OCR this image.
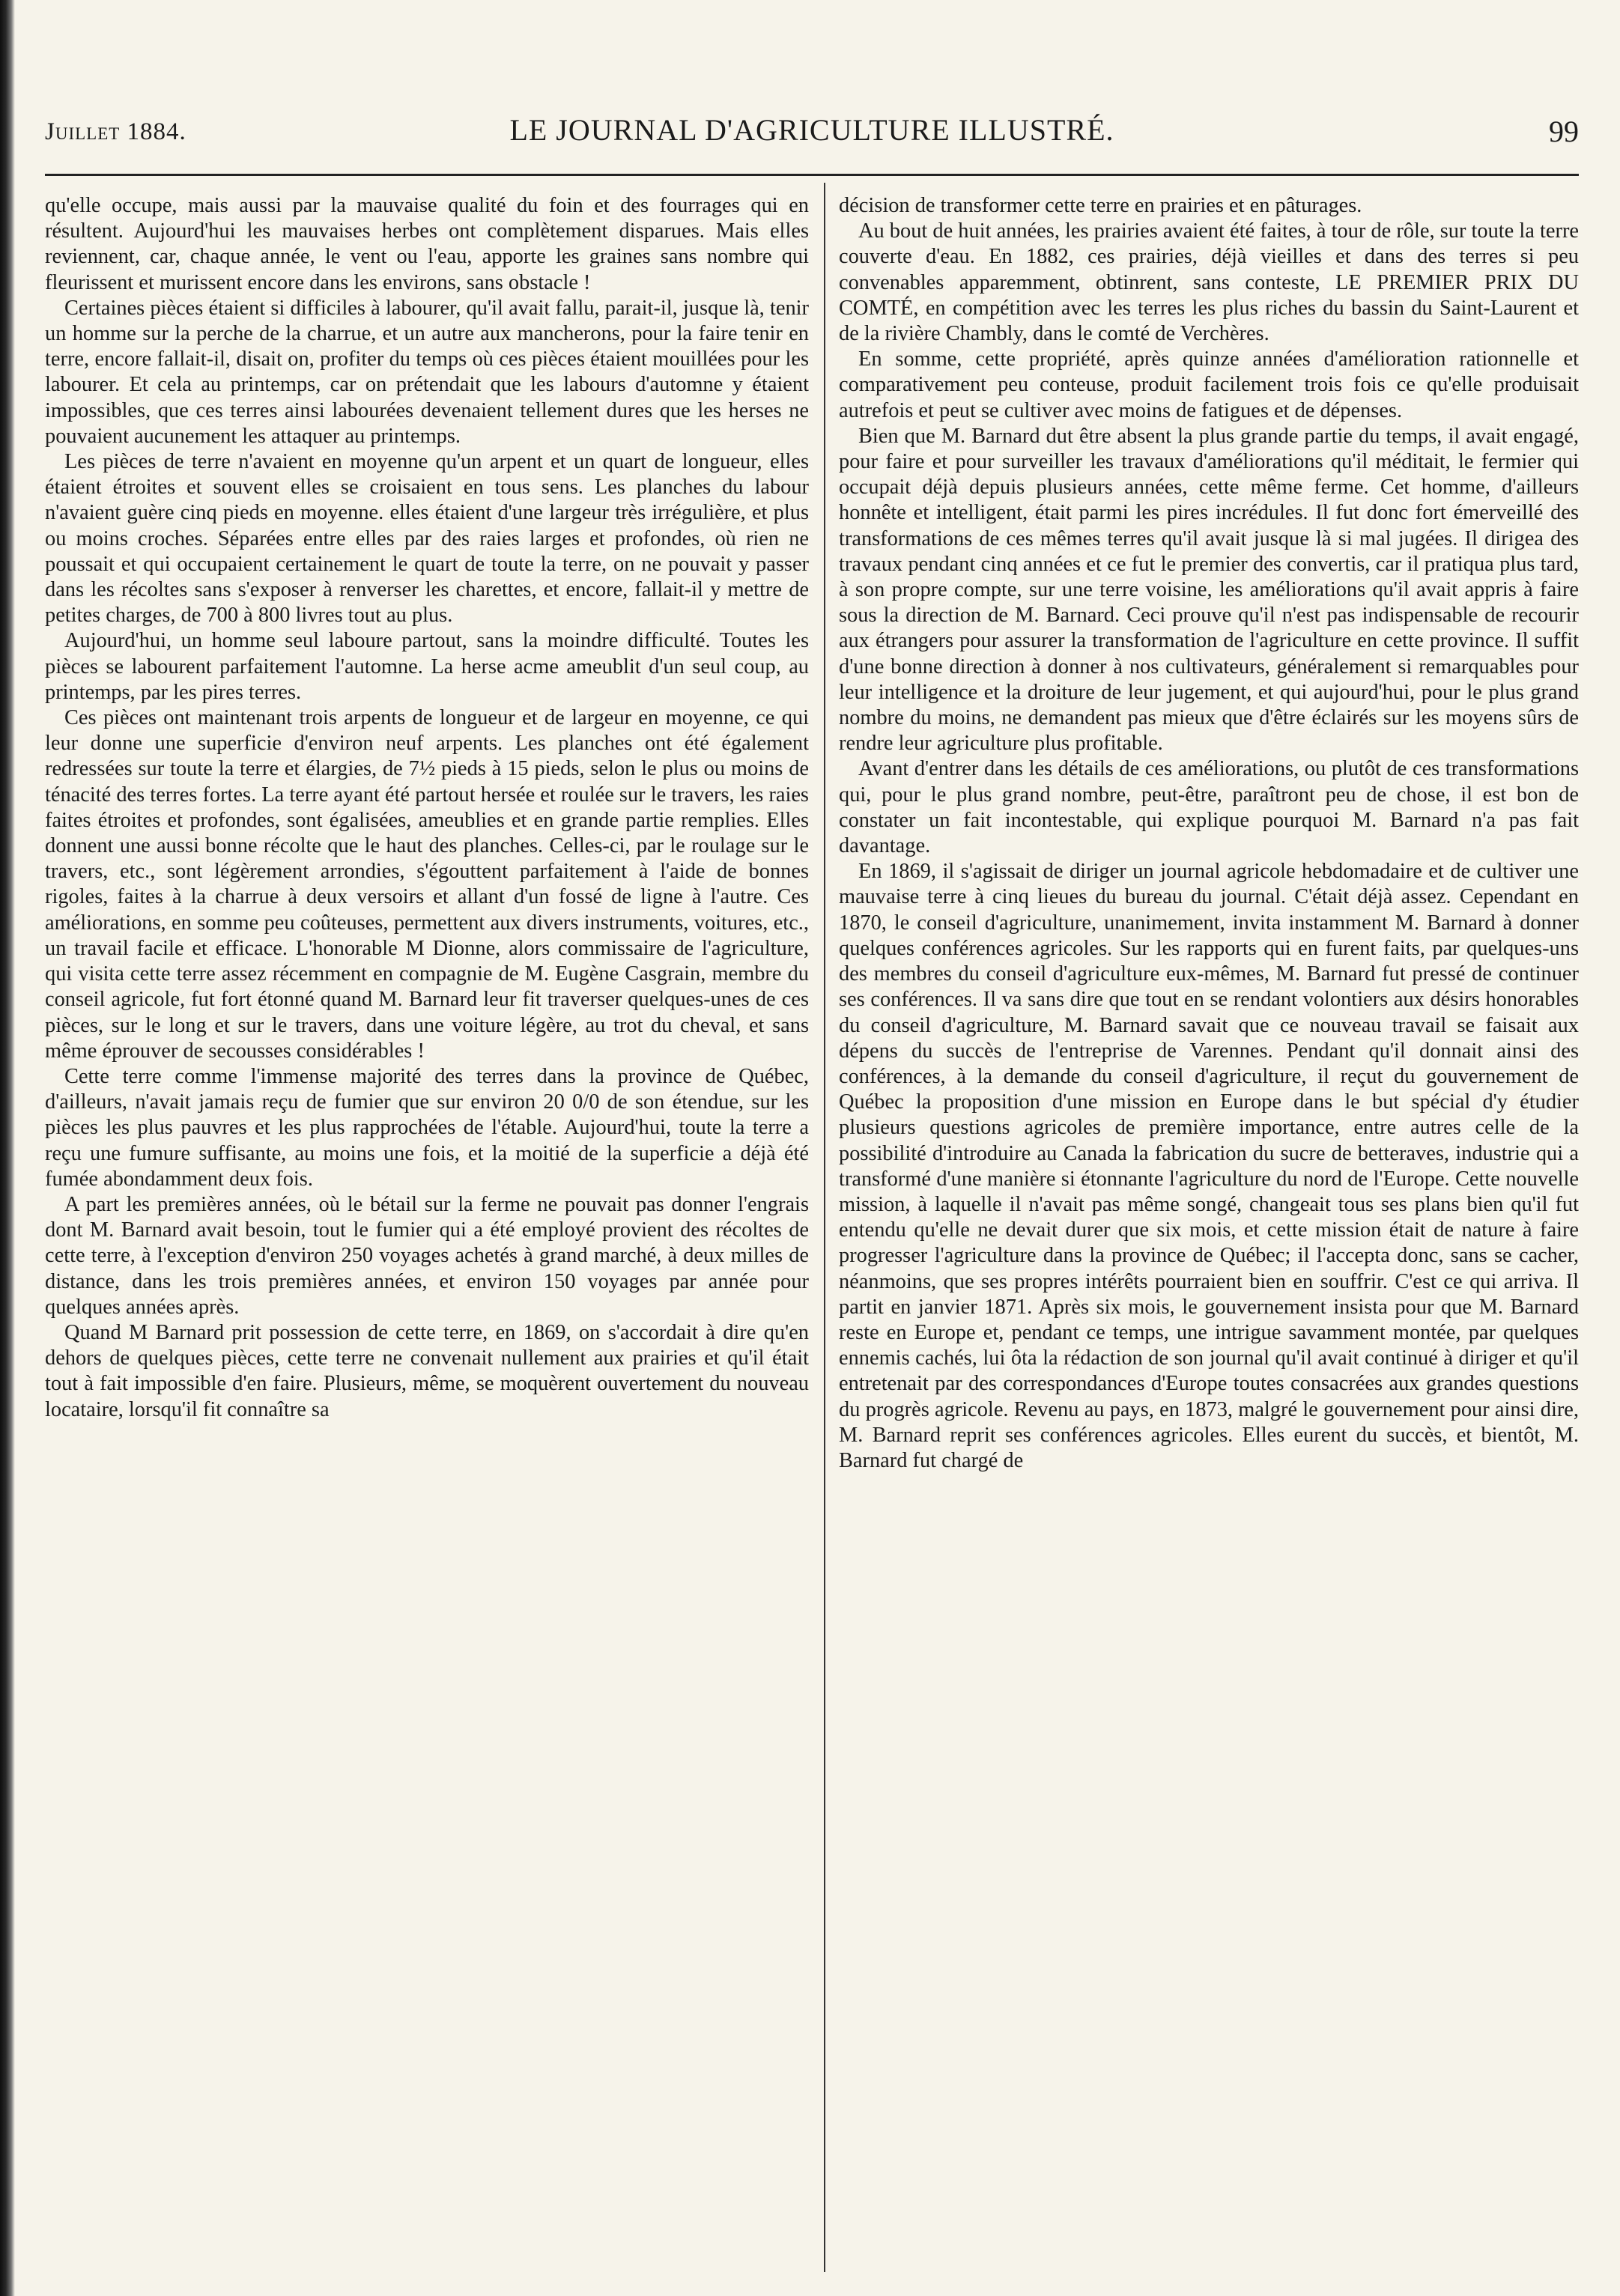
Juillet 1884.	LE JOURNAL D'AGRICULTURE ILLUSTRÉ.	99

qu'elle occupe, mais aussi par la mauvaise qualité du foin et des fourrages qui en résultent. Aujourd'hui les mauvaises herbes ont complètement disparues. Mais elles reviennent, car, chaque année, le vent ou l'eau, apporte les graines sans nombre qui fleurissent et murissent encore dans les environs, sans obstacle !

Certaines pièces étaient si difficiles à labourer, qu'il avait fallu, parait-il, jusque là, tenir un homme sur la perche de la charrue, et un autre aux mancherons, pour la faire tenir en terre, encore fallait-il, disait on, profiter du temps où ces pièces étaient mouillées pour les labourer. Et cela au printemps, car on prétendait que les labours d'automne y étaient impossibles, que ces terres ainsi labourées devenaient tellement dures que les herses ne pouvaient aucunement les attaquer au printemps.

Les pièces de terre n'avaient en moyenne qu'un arpent et un quart de longueur, elles étaient étroites et souvent elles se croisaient en tous sens. Les planches du labour n'avaient guère cinq pieds en moyenne. elles étaient d'une largeur très irrégulière, et plus ou moins croches. Séparées entre elles par des raies larges et profondes, où rien ne poussait et qui occupaient certainement le quart de toute la terre, on ne pouvait y passer dans les récoltes sans s'exposer à renverser les charettes, et encore, fallait-il y mettre de petites charges, de 700 à 800 livres tout au plus.

Aujourd'hui, un homme seul laboure partout, sans la moindre difficulté. Toutes les pièces se labourent parfaitement l'automne. La herse acme ameublit d'un seul coup, au printemps, par les pires terres.

Ces pièces ont maintenant trois arpents de longueur et de largeur en moyenne, ce qui leur donne une superficie d'environ neuf arpents. Les planches ont été également redressées sur toute la terre et élargies, de 7½ pieds à 15 pieds, selon le plus ou moins de ténacité des terres fortes. La terre ayant été partout hersée et roulée sur le travers, les raies faites étroites et profondes, sont égalisées, ameublies et en grande partie remplies. Elles donnent une aussi bonne récolte que le haut des planches. Celles-ci, par le roulage sur le travers, etc., sont légèrement arrondies, s'égouttent parfaitement à l'aide de bonnes rigoles, faites à la charrue à deux versoirs et allant d'un fossé de ligne à l'autre. Ces améliorations, en somme peu coûteuses, permettent aux divers instruments, voitures, etc., un travail facile et efficace. L'honorable M Dionne, alors commissaire de l'agriculture, qui visita cette terre assez récemment en compagnie de M. Eugène Casgrain, membre du conseil agricole, fut fort étonné quand M. Barnard leur fit traverser quelques-unes de ces pièces, sur le long et sur le travers, dans une voiture légère, au trot du cheval, et sans même éprouver de secousses considérables !

Cette terre comme l'immense majorité des terres dans la province de Québec, d'ailleurs, n'avait jamais reçu de fumier que sur environ 20 0/0 de son étendue, sur les pièces les plus pauvres et les plus rapprochées de l'étable. Aujourd'hui, toute la terre a reçu une fumure suffisante, au moins une fois, et la moitié de la superficie a déjà été fumée abondamment deux fois.

A part les premières années, où le bétail sur la ferme ne pouvait pas donner l'engrais dont M. Barnard avait besoin, tout le fumier qui a été employé provient des récoltes de cette terre, à l'exception d'environ 250 voyages achetés à grand marché, à deux milles de distance, dans les trois premières années, et environ 150 voyages par année pour quelques années après.

Quand M Barnard prit possession de cette terre, en 1869, on s'accordait à dire qu'en dehors de quelques pièces, cette terre ne convenait nullement aux prairies et qu'il était tout à fait impossible d'en faire. Plusieurs, même, se moquèrent ouvertement du nouveau locataire, lorsqu'il fit connaître sa

décision de transformer cette terre en prairies et en pâturages.

Au bout de huit années, les prairies avaient été faites, à tour de rôle, sur toute la terre couverte d'eau. En 1882, ces prairies, déjà vieilles et dans des terres si peu convenables apparemment, obtinrent, sans conteste, LE PREMIER PRIX DU COMTÉ, en compétition avec les terres les plus riches du bassin du Saint-Laurent et de la rivière Chambly, dans le comté de Verchères.

En somme, cette propriété, après quinze années d'amélioration rationnelle et comparativement peu conteuse, produit facilement trois fois ce qu'elle produisait autrefois et peut se cultiver avec moins de fatigues et de dépenses.

Bien que M. Barnard dut être absent la plus grande partie du temps, il avait engagé, pour faire et pour surveiller les travaux d'améliorations qu'il méditait, le fermier qui occupait déjà depuis plusieurs années, cette même ferme. Cet homme, d'ailleurs honnête et intelligent, était parmi les pires incrédules. Il fut donc fort émerveillé des transformations de ces mêmes terres qu'il avait jusque là si mal jugées. Il dirigea des travaux pendant cinq années et ce fut le premier des convertis, car il pratiqua plus tard, à son propre compte, sur une terre voisine, les améliorations qu'il avait appris à faire sous la direction de M. Barnard. Ceci prouve qu'il n'est pas indispensable de recourir aux étrangers pour assurer la transformation de l'agriculture en cette province. Il suffit d'une bonne direction à donner à nos cultivateurs, généralement si remarquables pour leur intelligence et la droiture de leur jugement, et qui aujourd'hui, pour le plus grand nombre du moins, ne demandent pas mieux que d'être éclairés sur les moyens sûrs de rendre leur agriculture plus profitable.

Avant d'entrer dans les détails de ces améliorations, ou plutôt de ces transformations qui, pour le plus grand nombre, peut-être, paraîtront peu de chose, il est bon de constater un fait incontestable, qui explique pourquoi M. Barnard n'a pas fait davantage.

En 1869, il s'agissait de diriger un journal agricole hebdomadaire et de cultiver une mauvaise terre à cinq lieues du bureau du journal. C'était déjà assez. Cependant en 1870, le conseil d'agriculture, unanimement, invita instamment M. Barnard à donner quelques conférences agricoles. Sur les rapports qui en furent faits, par quelques-uns des membres du conseil d'agriculture eux-mêmes, M. Barnard fut pressé de continuer ses conférences. Il va sans dire que tout en se rendant volontiers aux désirs honorables du conseil d'agriculture, M. Barnard savait que ce nouveau travail se faisait aux dépens du succès de l'entreprise de Varennes. Pendant qu'il donnait ainsi des conférences, à la demande du conseil d'agriculture, il reçut du gouvernement de Québec la proposition d'une mission en Europe dans le but spécial d'y étudier plusieurs questions agricoles de première importance, entre autres celle de la possibilité d'introduire au Canada la fabrication du sucre de betteraves, industrie qui a transformé d'une manière si étonnante l'agriculture du nord de l'Europe. Cette nouvelle mission, à laquelle il n'avait pas même songé, changeait tous ses plans bien qu'il fut entendu qu'elle ne devait durer que six mois, et cette mission était de nature à faire progresser l'agriculture dans la province de Québec; il l'accepta donc, sans se cacher, néanmoins, que ses propres intérêts pourraient bien en souffrir. C'est ce qui arriva. Il partit en janvier 1871. Après six mois, le gouvernement insista pour que M. Barnard reste en Europe et, pendant ce temps, une intrigue savamment montée, par quelques ennemis cachés, lui ôta la rédaction de son journal qu'il avait continué à diriger et qu'il entretenait par des correspondances d'Europe toutes consacrées aux grandes questions du progrès agricole. Revenu au pays, en 1873, malgré le gouvernement pour ainsi dire, M. Barnard reprit ses conférences agricoles. Elles eurent du succès, et bientôt, M. Barnard fut chargé de
